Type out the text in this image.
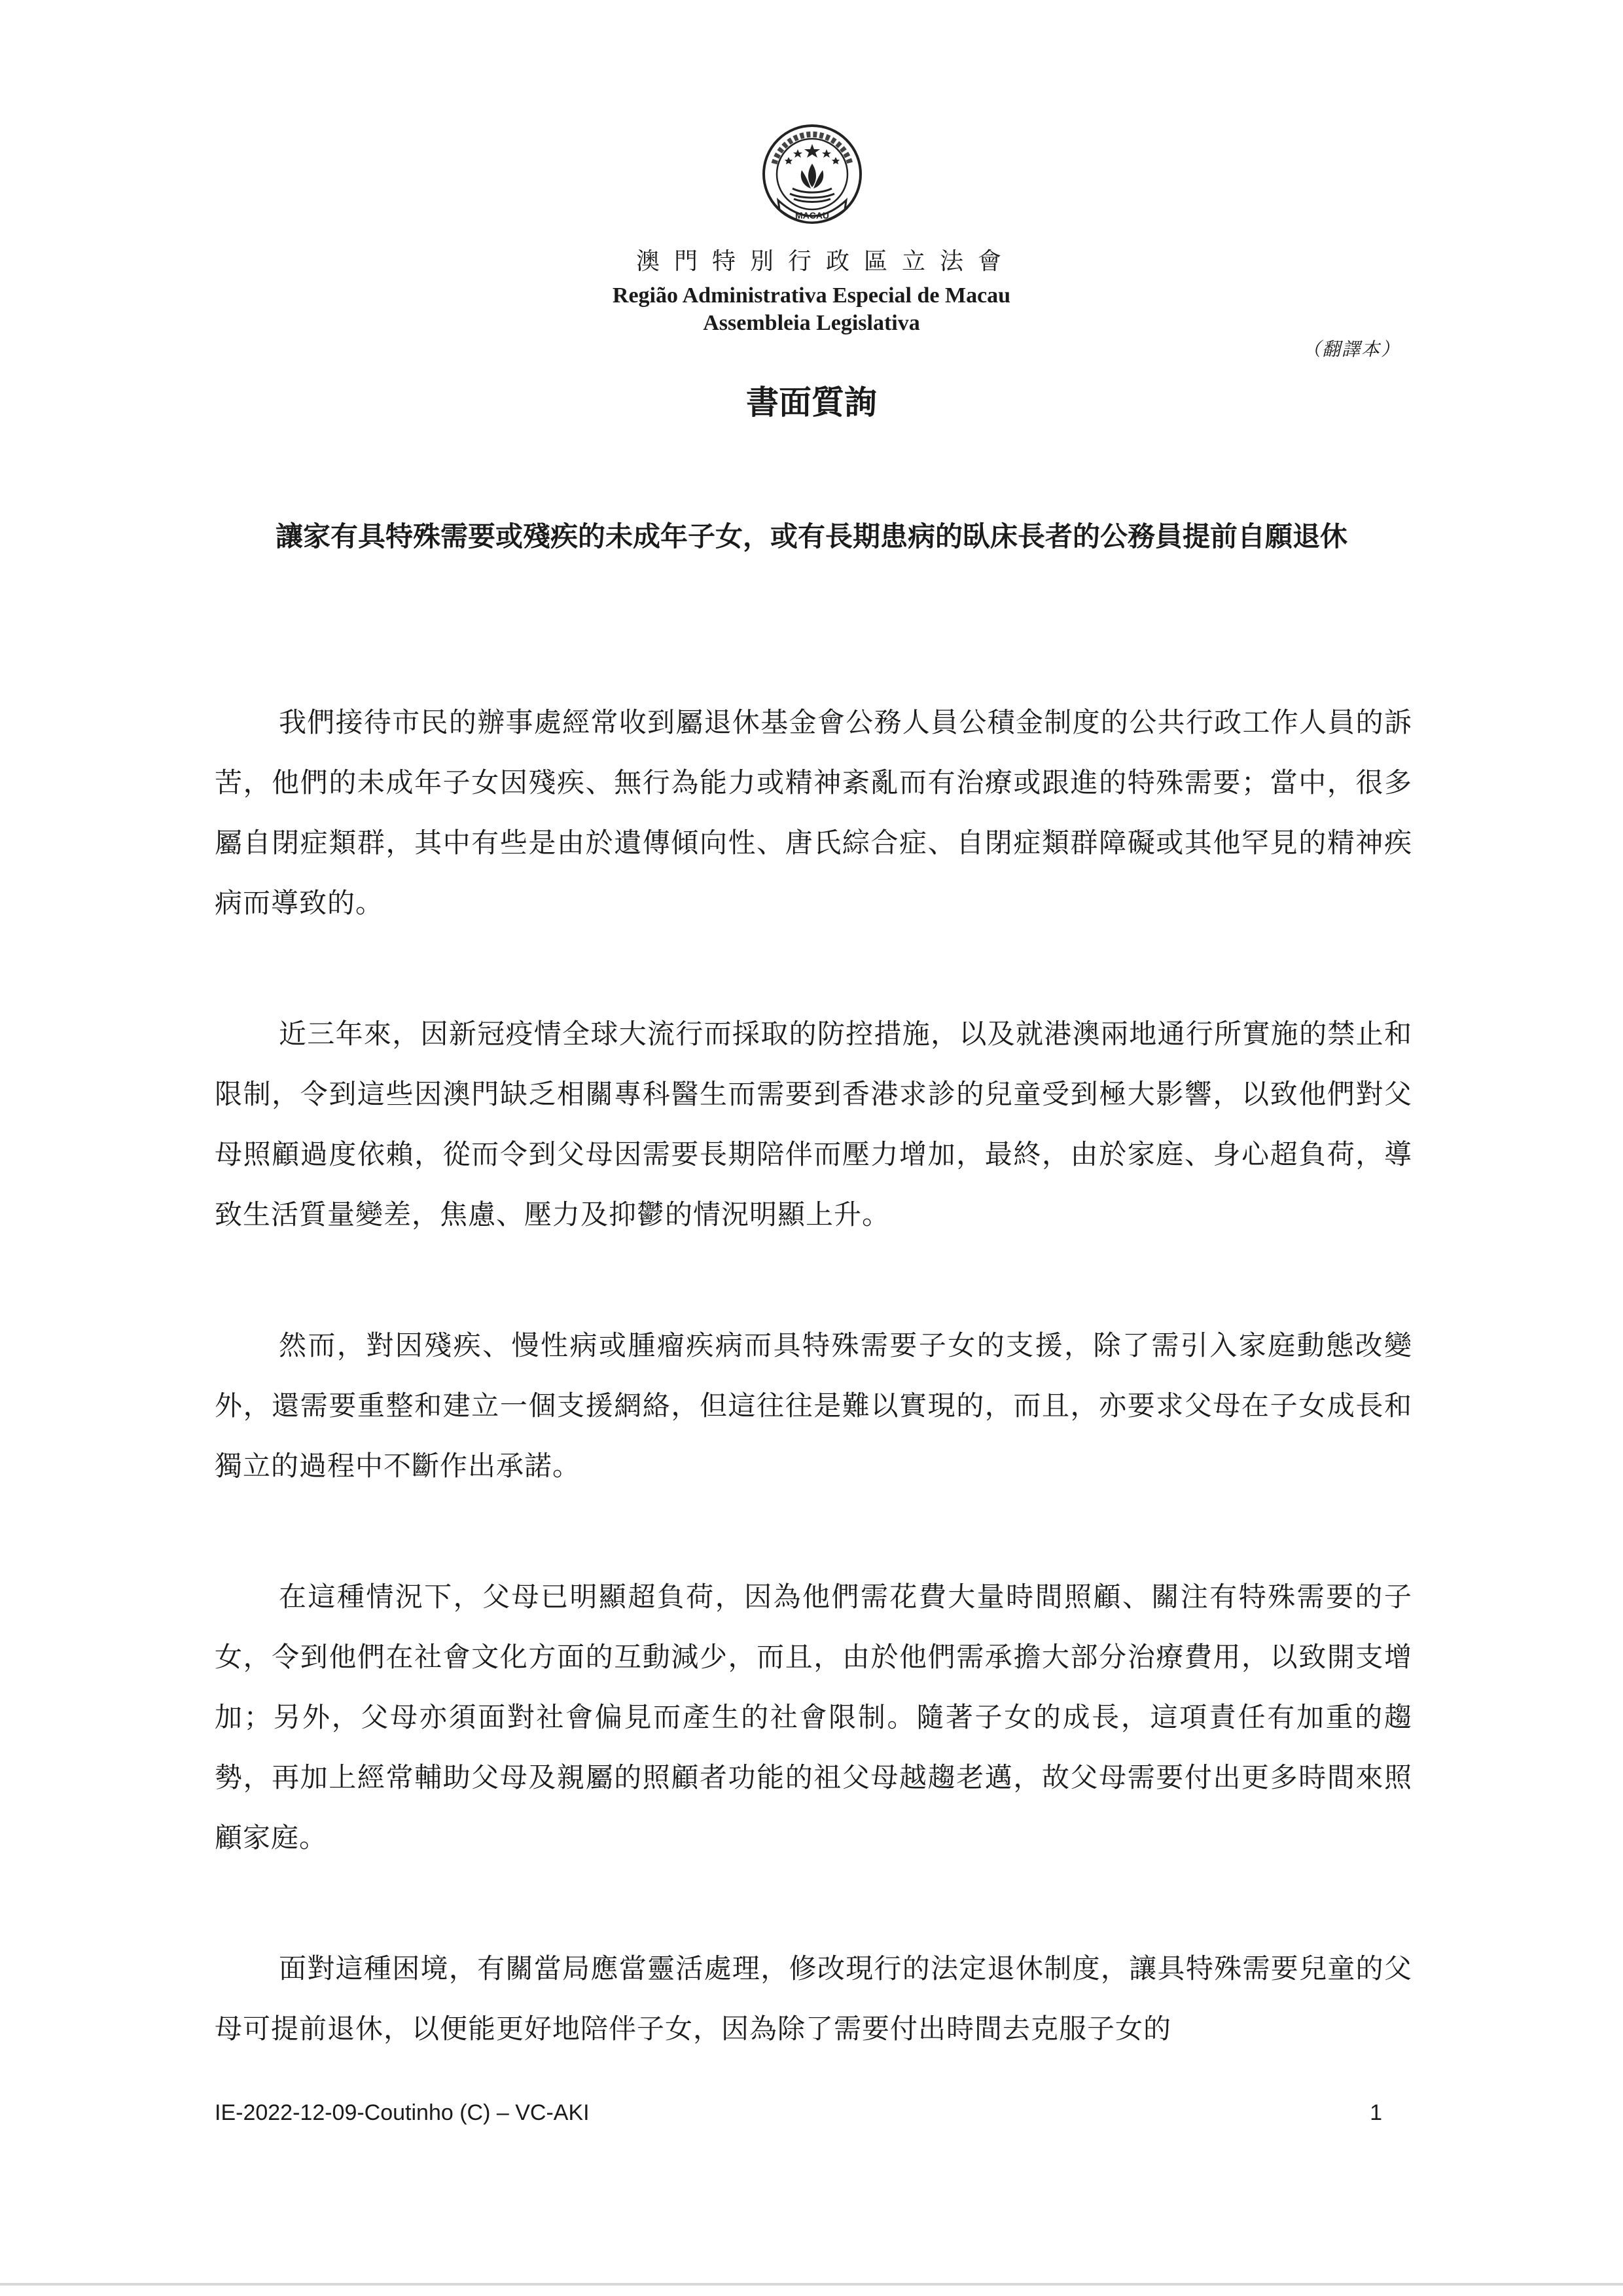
MACAU
澳門特別行政區立法會
Região Administrativa Especial de Macau
Assembleia Legislativa
（翻譯本）
書面質詢
讓家有具特殊需要或殘疾的未成年子女，或有長期患病的臥床長者的公務員提前自願退休

我們接待市民的辦事處經常收到屬退休基金會公務人員公積金制度的公共行政工作人員的訴苦，他們的未成年子女因殘疾、無行為能力或精神紊亂而有治療或跟進的特殊需要；當中，很多屬自閉症類群，其中有些是由於遺傳傾向性、唐氏綜合症、自閉症類群障礙或其他罕見的精神疾病而導致的。

近三年來，因新冠疫情全球大流行而採取的防控措施，以及就港澳兩地通行所實施的禁止和限制，令到這些因澳門缺乏相關專科醫生而需要到香港求診的兒童受到極大影響，以致他們對父母照顧過度依賴，從而令到父母因需要長期陪伴而壓力增加，最終，由於家庭、身心超負荷，導致生活質量變差，焦慮、壓力及抑鬱的情況明顯上升。

然而，對因殘疾、慢性病或腫瘤疾病而具特殊需要子女的支援，除了需引入家庭動態改變外，還需要重整和建立一個支援網絡，但這往往是難以實現的，而且，亦要求父母在子女成長和獨立的過程中不斷作出承諾。

在這種情況下，父母已明顯超負荷，因為他們需花費大量時間照顧、關注有特殊需要的子女，令到他們在社會文化方面的互動減少，而且，由於他們需承擔大部分治療費用，以致開支增加；另外，父母亦須面對社會偏見而產生的社會限制。隨著子女的成長，這項責任有加重的趨勢，再加上經常輔助父母及親屬的照顧者功能的祖父母越趨老邁，故父母需要付出更多時間來照顧家庭。

面對這種困境，有關當局應當靈活處理，修改現行的法定退休制度，讓具特殊需要兒童的父母可提前退休，以便能更好地陪伴子女，因為除了需要付出時間去克服子女的

IE-2022-12-09-Coutinho (C) – VC-AKI	1
